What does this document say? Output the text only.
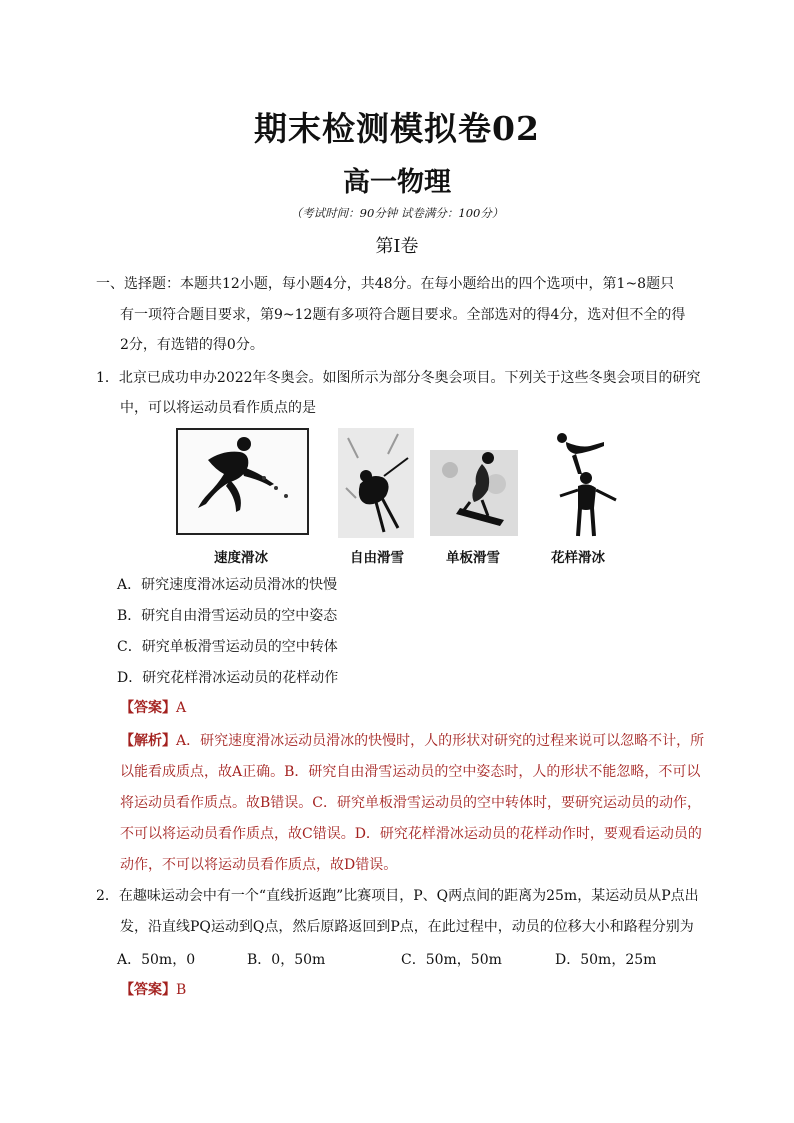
期末检测模拟卷02
高一物理
（考试时间：90分钟 试卷满分：100分）
第Ⅰ卷
一、选择题：本题共12小题，每小题4分，共48分。在每小题给出的四个选项中，第1~8题只
有一项符合题目要求，第9~12题有多项符合题目要求。全部选对的得4分，选对但不全的得
2分，有选错的得0分。
1．北京已成功申办2022年冬奥会。如图所示为部分冬奥会项目。下列关于这些冬奥会项目的研究
中，可以将运动员看作质点的是
速度滑冰	自由滑雪	单板滑雪	花样滑冰
A．研究速度滑冰运动员滑冰的快慢
B．研究自由滑雪运动员的空中姿态
C．研究单板滑雪运动员的空中转体
D．研究花样滑冰运动员的花样动作
【答案】A
【解析】A．研究速度滑冰运动员滑冰的快慢时，人的形状对研究的过程来说可以忽略不计，所
以能看成质点，故A正确。B．研究自由滑雪运动员的空中姿态时，人的形状不能忽略，不可以
将运动员看作质点。故B错误。C．研究单板滑雪运动员的空中转体时，要研究运动员的动作，
不可以将运动员看作质点，故C错误。D．研究花样滑冰运动员的花样动作时，要观看运动员的
动作，不可以将运动员看作质点，故D错误。
2．在趣味运动会中有一个“直线折返跑”比赛项目，P、Q两点间的距离为25m，某运动员从P点出
发，沿直线PQ运动到Q点，然后原路返回到P点，在此过程中，动员的位移大小和路程分别为
A．50m，0	B．0，50m	C．50m，50m	D．50m，25m
【答案】B
